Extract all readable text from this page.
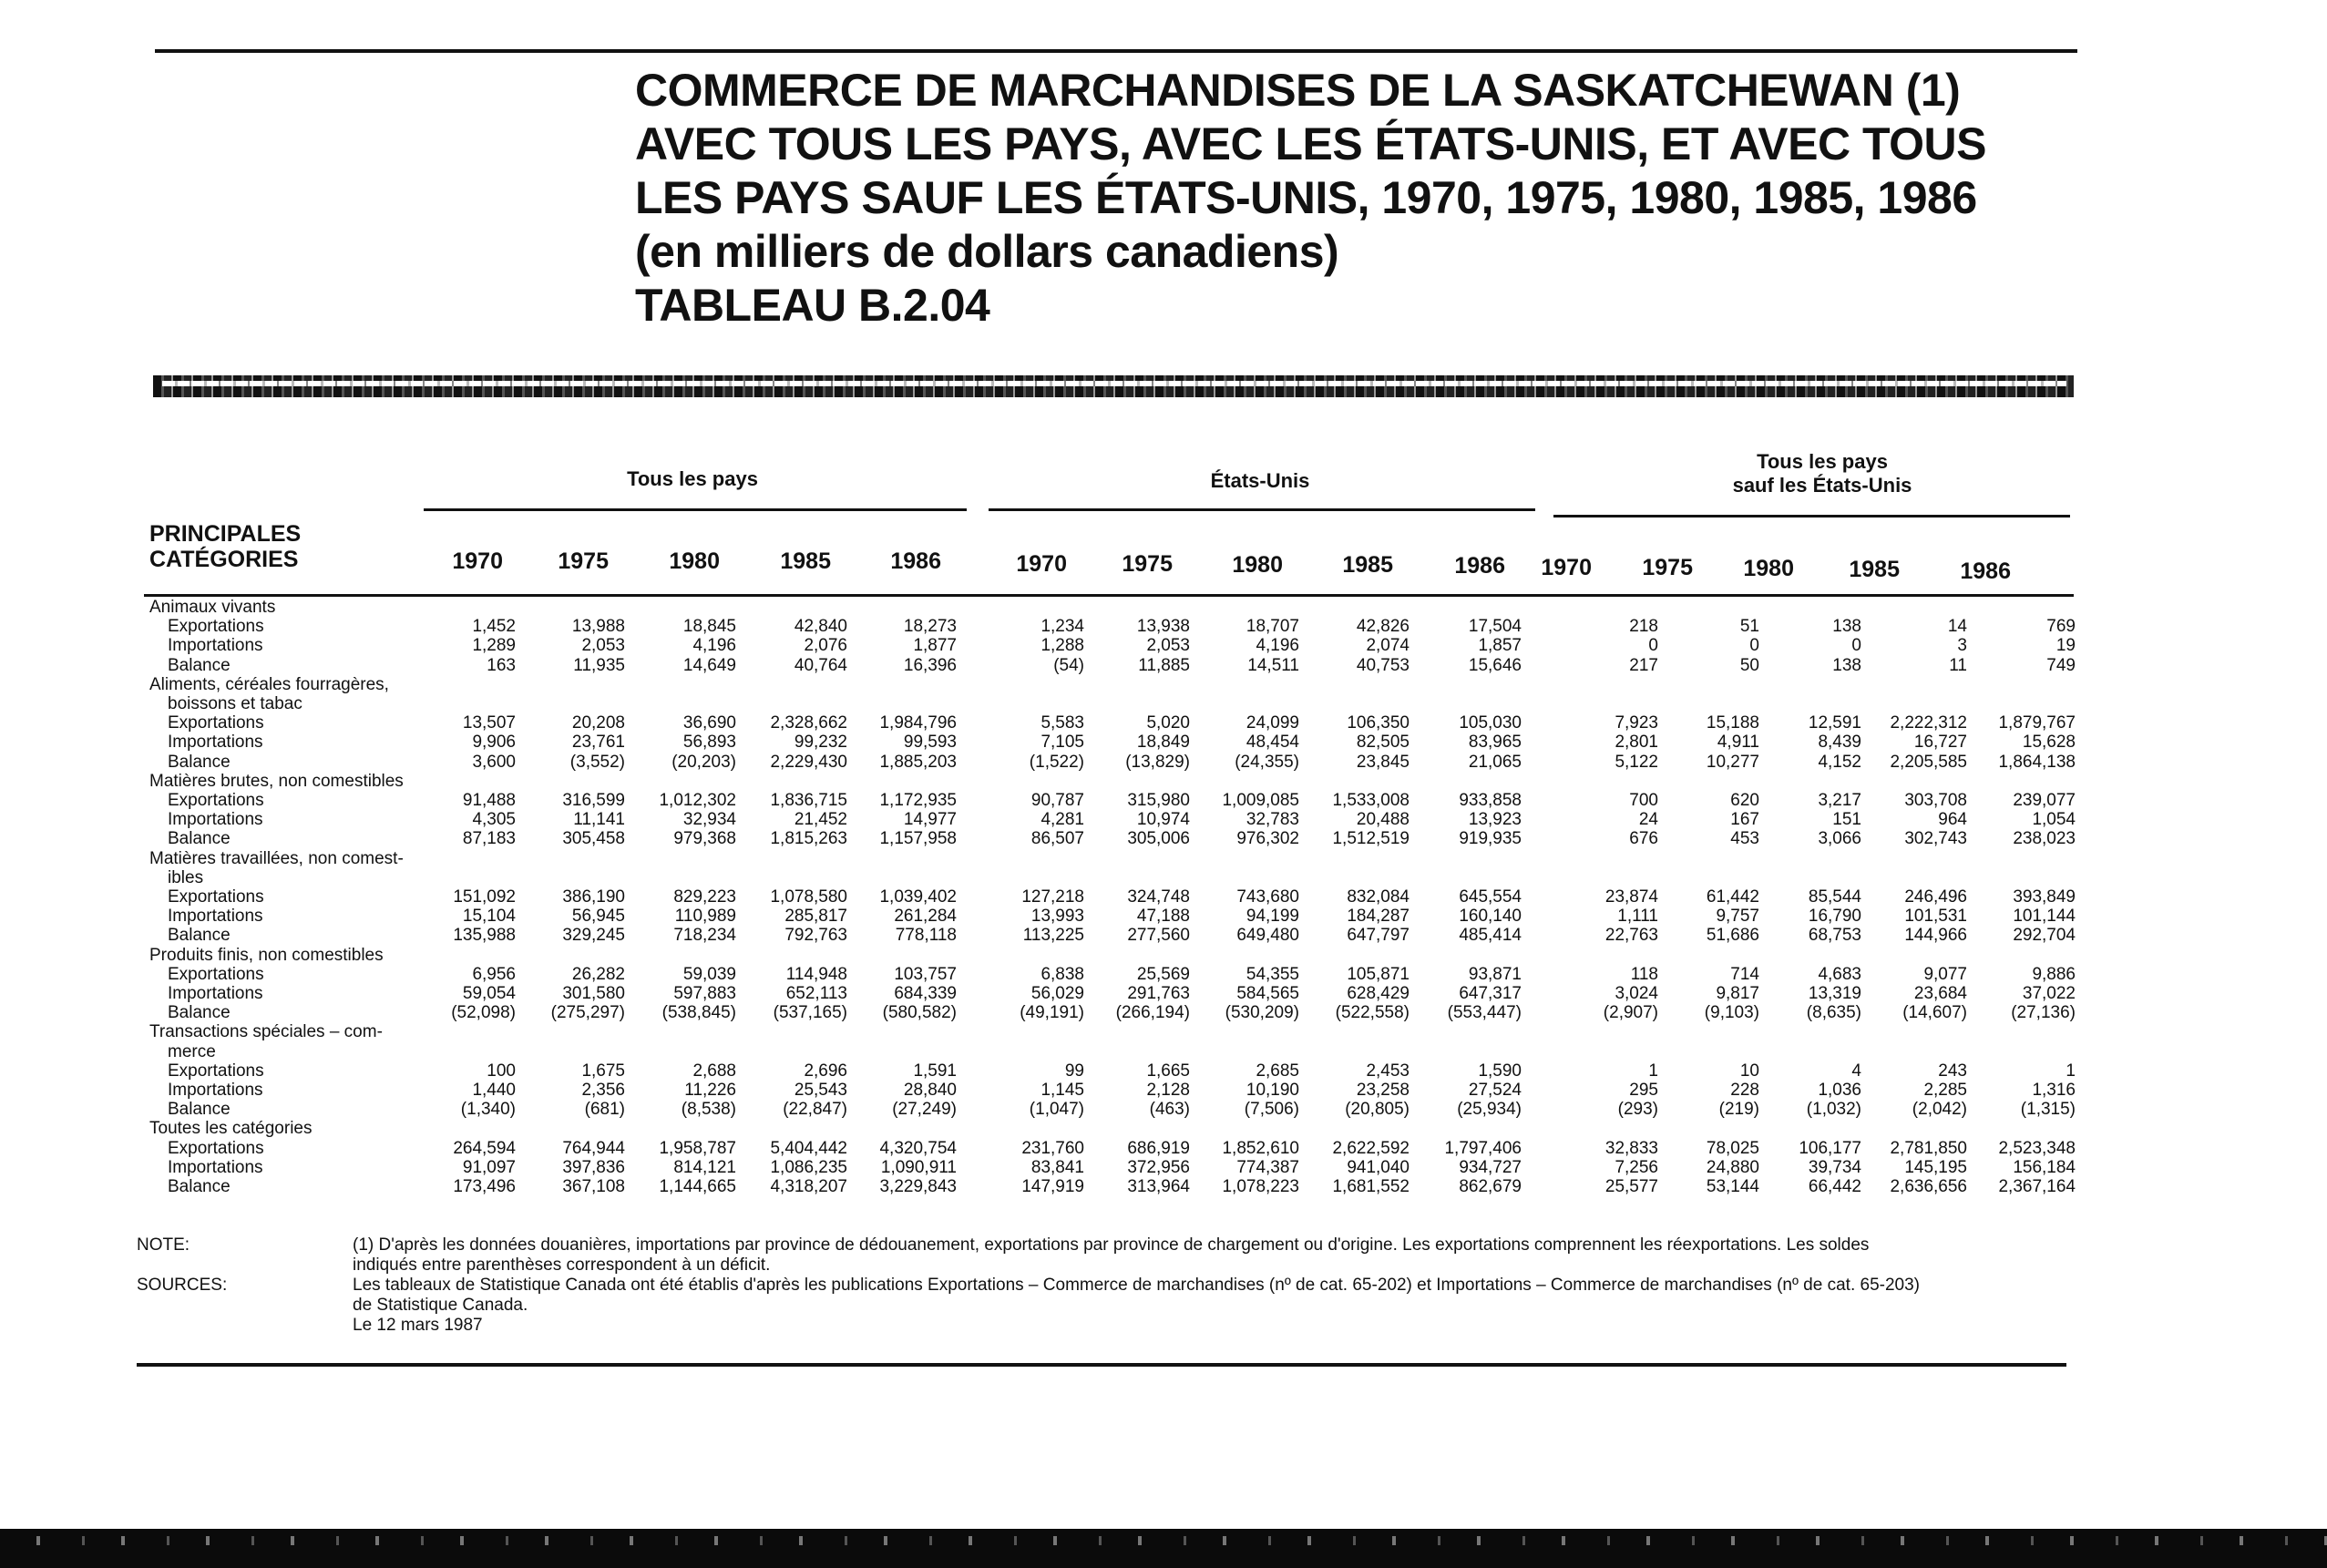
COMMERCE DE MARCHANDISES DE LA SASKATCHEWAN (1)
AVEC TOUS LES PAYS, AVEC LES ÉTATS-UNIS, ET AVEC TOUS
LES PAYS SAUF LES ÉTATS-UNIS, 1970, 1975, 1980, 1985, 1986
(en milliers de dollars canadiens)
TABLEAU B.2.04
Tous les pays	États-Unis
Tous les pays
sauf les États-Unis
PRINCIPALES
CATÉGORIES	1970	1975	1980	1985	1986	1970	1975	1980	1985	1986	1970	1975	1980	1985	1986
Animaux vivants															
Exportations	1,452	13,988	18,845	42,840	18,273	1,234	13,938	18,707	42,826	17,504	218	51	138	14	769
Importations	1,289	2,053	4,196	2,076	1,877	1,288	2,053	4,196	2,074	1,857	0	0	0	3	19
Balance	163	11,935	14,649	40,764	16,396	(54)	11,885	14,511	40,753	15,646	217	50	138	11	749
Aliments, céréales fourragères,															
boissons et tabac															
Exportations	13,507	20,208	36,690	2,328,662	1,984,796	5,583	5,020	24,099	106,350	105,030	7,923	15,188	12,591	2,222,312	1,879,767
Importations	9,906	23,761	56,893	99,232	99,593	7,105	18,849	48,454	82,505	83,965	2,801	4,911	8,439	16,727	15,628
Balance	3,600	(3,552)	(20,203)	2,229,430	1,885,203	(1,522)	(13,829)	(24,355)	23,845	21,065	5,122	10,277	4,152	2,205,585	1,864,138
Matières brutes, non comestibles															
Exportations	91,488	316,599	1,012,302	1,836,715	1,172,935	90,787	315,980	1,009,085	1,533,008	933,858	700	620	3,217	303,708	239,077
Importations	4,305	11,141	32,934	21,452	14,977	4,281	10,974	32,783	20,488	13,923	24	167	151	964	1,054
Balance	87,183	305,458	979,368	1,815,263	1,157,958	86,507	305,006	976,302	1,512,519	919,935	676	453	3,066	302,743	238,023
Matières travaillées, non comest-															
ibles															
Exportations	151,092	386,190	829,223	1,078,580	1,039,402	127,218	324,748	743,680	832,084	645,554	23,874	61,442	85,544	246,496	393,849
Importations	15,104	56,945	110,989	285,817	261,284	13,993	47,188	94,199	184,287	160,140	1,111	9,757	16,790	101,531	101,144
Balance	135,988	329,245	718,234	792,763	778,118	113,225	277,560	649,480	647,797	485,414	22,763	51,686	68,753	144,966	292,704
Produits finis, non comestibles															
Exportations	6,956	26,282	59,039	114,948	103,757	6,838	25,569	54,355	105,871	93,871	118	714	4,683	9,077	9,886
Importations	59,054	301,580	597,883	652,113	684,339	56,029	291,763	584,565	628,429	647,317	3,024	9,817	13,319	23,684	37,022
Balance	(52,098)	(275,297)	(538,845)	(537,165)	(580,582)	(49,191)	(266,194)	(530,209)	(522,558)	(553,447)	(2,907)	(9,103)	(8,635)	(14,607)	(27,136)
Transactions spéciales – com-															
merce															
Exportations	100	1,675	2,688	2,696	1,591	99	1,665	2,685	2,453	1,590	1	10	4	243	1
Importations	1,440	2,356	11,226	25,543	28,840	1,145	2,128	10,190	23,258	27,524	295	228	1,036	2,285	1,316
Balance	(1,340)	(681)	(8,538)	(22,847)	(27,249)	(1,047)	(463)	(7,506)	(20,805)	(25,934)	(293)	(219)	(1,032)	(2,042)	(1,315)
Toutes les catégories															
Exportations	264,594	764,944	1,958,787	5,404,442	4,320,754	231,760	686,919	1,852,610	2,622,592	1,797,406	32,833	78,025	106,177	2,781,850	2,523,348
Importations	91,097	397,836	814,121	1,086,235	1,090,911	83,841	372,956	774,387	941,040	934,727	7,256	24,880	39,734	145,195	156,184
Balance	173,496	367,108	1,144,665	4,318,207	3,229,843	147,919	313,964	1,078,223	1,681,552	862,679	25,577	53,144	66,442	2,636,656	2,367,164
NOTE:	(1) D'après les données douanières, importations par province de dédouanement, exportations par province de chargement ou d'origine. Les exportations comprennent les réexportations. Les soldes
indiqués entre parenthèses correspondent à un déficit.
SOURCES:	Les tableaux de Statistique Canada ont été établis d'après les publications Exportations – Commerce de marchandises (nº de cat. 65-202) et Importations – Commerce de marchandises (nº de cat. 65-203)
de Statistique Canada.
Le 12 mars 1987
